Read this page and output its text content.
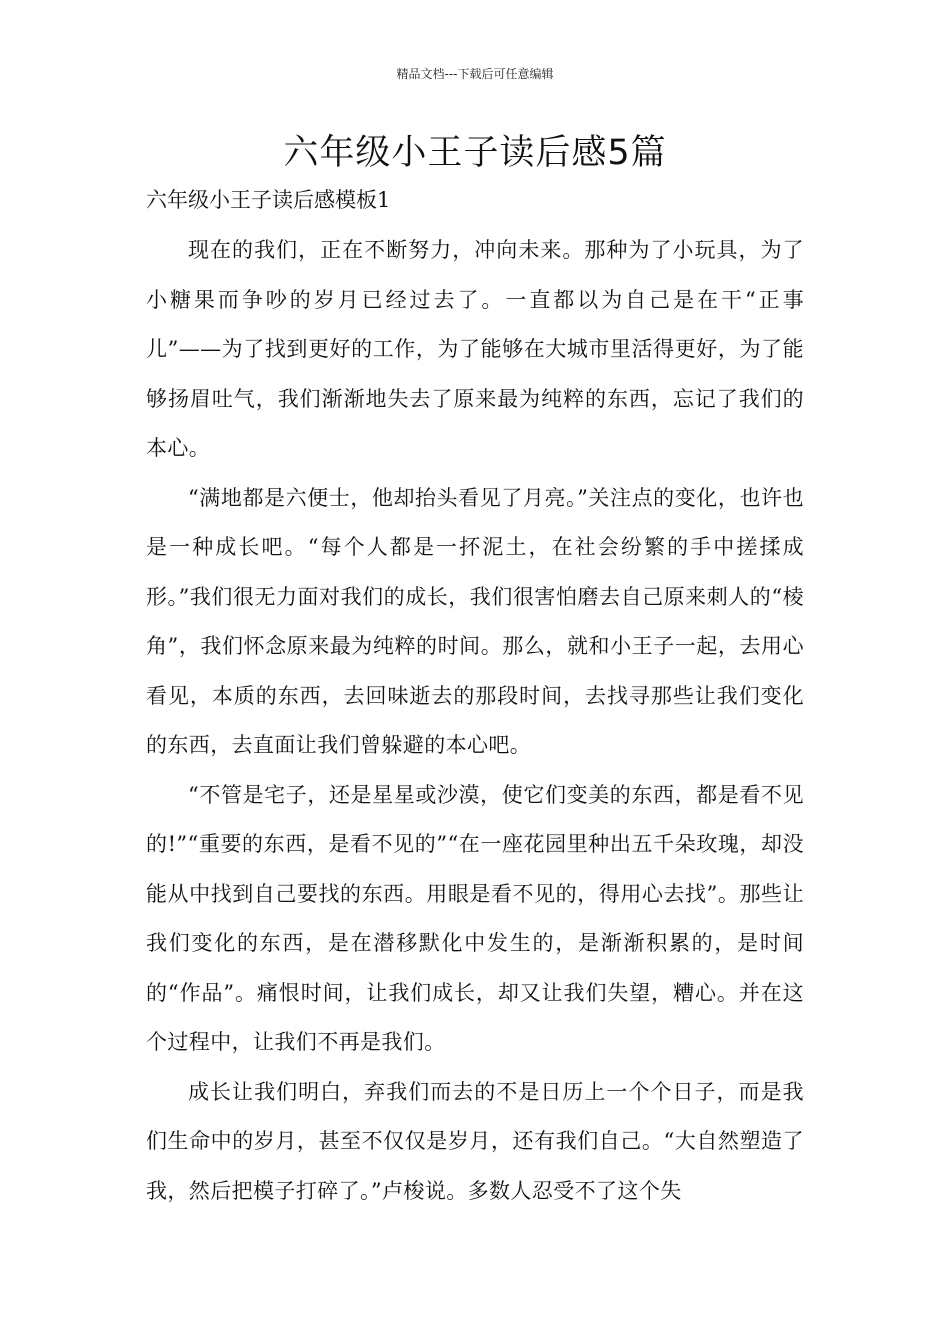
精品文档---下载后可任意编辑
六年级小王子读后感5篇

六年级小王子读后感模板1

现在的我们，正在不断努力，冲向未来。那种为了小玩具，为了小糖果而争吵的岁月已经过去了。一直都以为自己是在干“正事儿”——为了找到更好的工作，为了能够在大城市里活得更好，为了能够扬眉吐气，我们渐渐地失去了原来最为纯粹的东西，忘记了我们的本心。

“满地都是六便士，他却抬头看见了月亮。”关注点的变化，也许也是一种成长吧。“每个人都是一抔泥土，在社会纷繁的手中搓揉成形。”我们很无力面对我们的成长，我们很害怕磨去自己原来刺人的“棱角”，我们怀念原来最为纯粹的时间。那么，就和小王子一起，去用心看见，本质的东西，去回味逝去的那段时间，去找寻那些让我们变化的东西，去直面让我们曾躲避的本心吧。

“不管是宅子，还是星星或沙漠，使它们变美的东西，都是看不见的!”“重要的东西，是看不见的”“在一座花园里种出五千朵玫瑰，却没能从中找到自己要找的东西。用眼是看不见的，得用心去找”。那些让我们变化的东西，是在潜移默化中发生的，是渐渐积累的，是时间的“作品”。痛恨时间，让我们成长，却又让我们失望，糟心。并在这个过程中，让我们不再是我们。

成长让我们明白，弃我们而去的不是日历上一个个日子，而是我们生命中的岁月，甚至不仅仅是岁月，还有我们自己。“大自然塑造了我，然后把模子打碎了。”卢梭说。多数人忍受不了这个失
